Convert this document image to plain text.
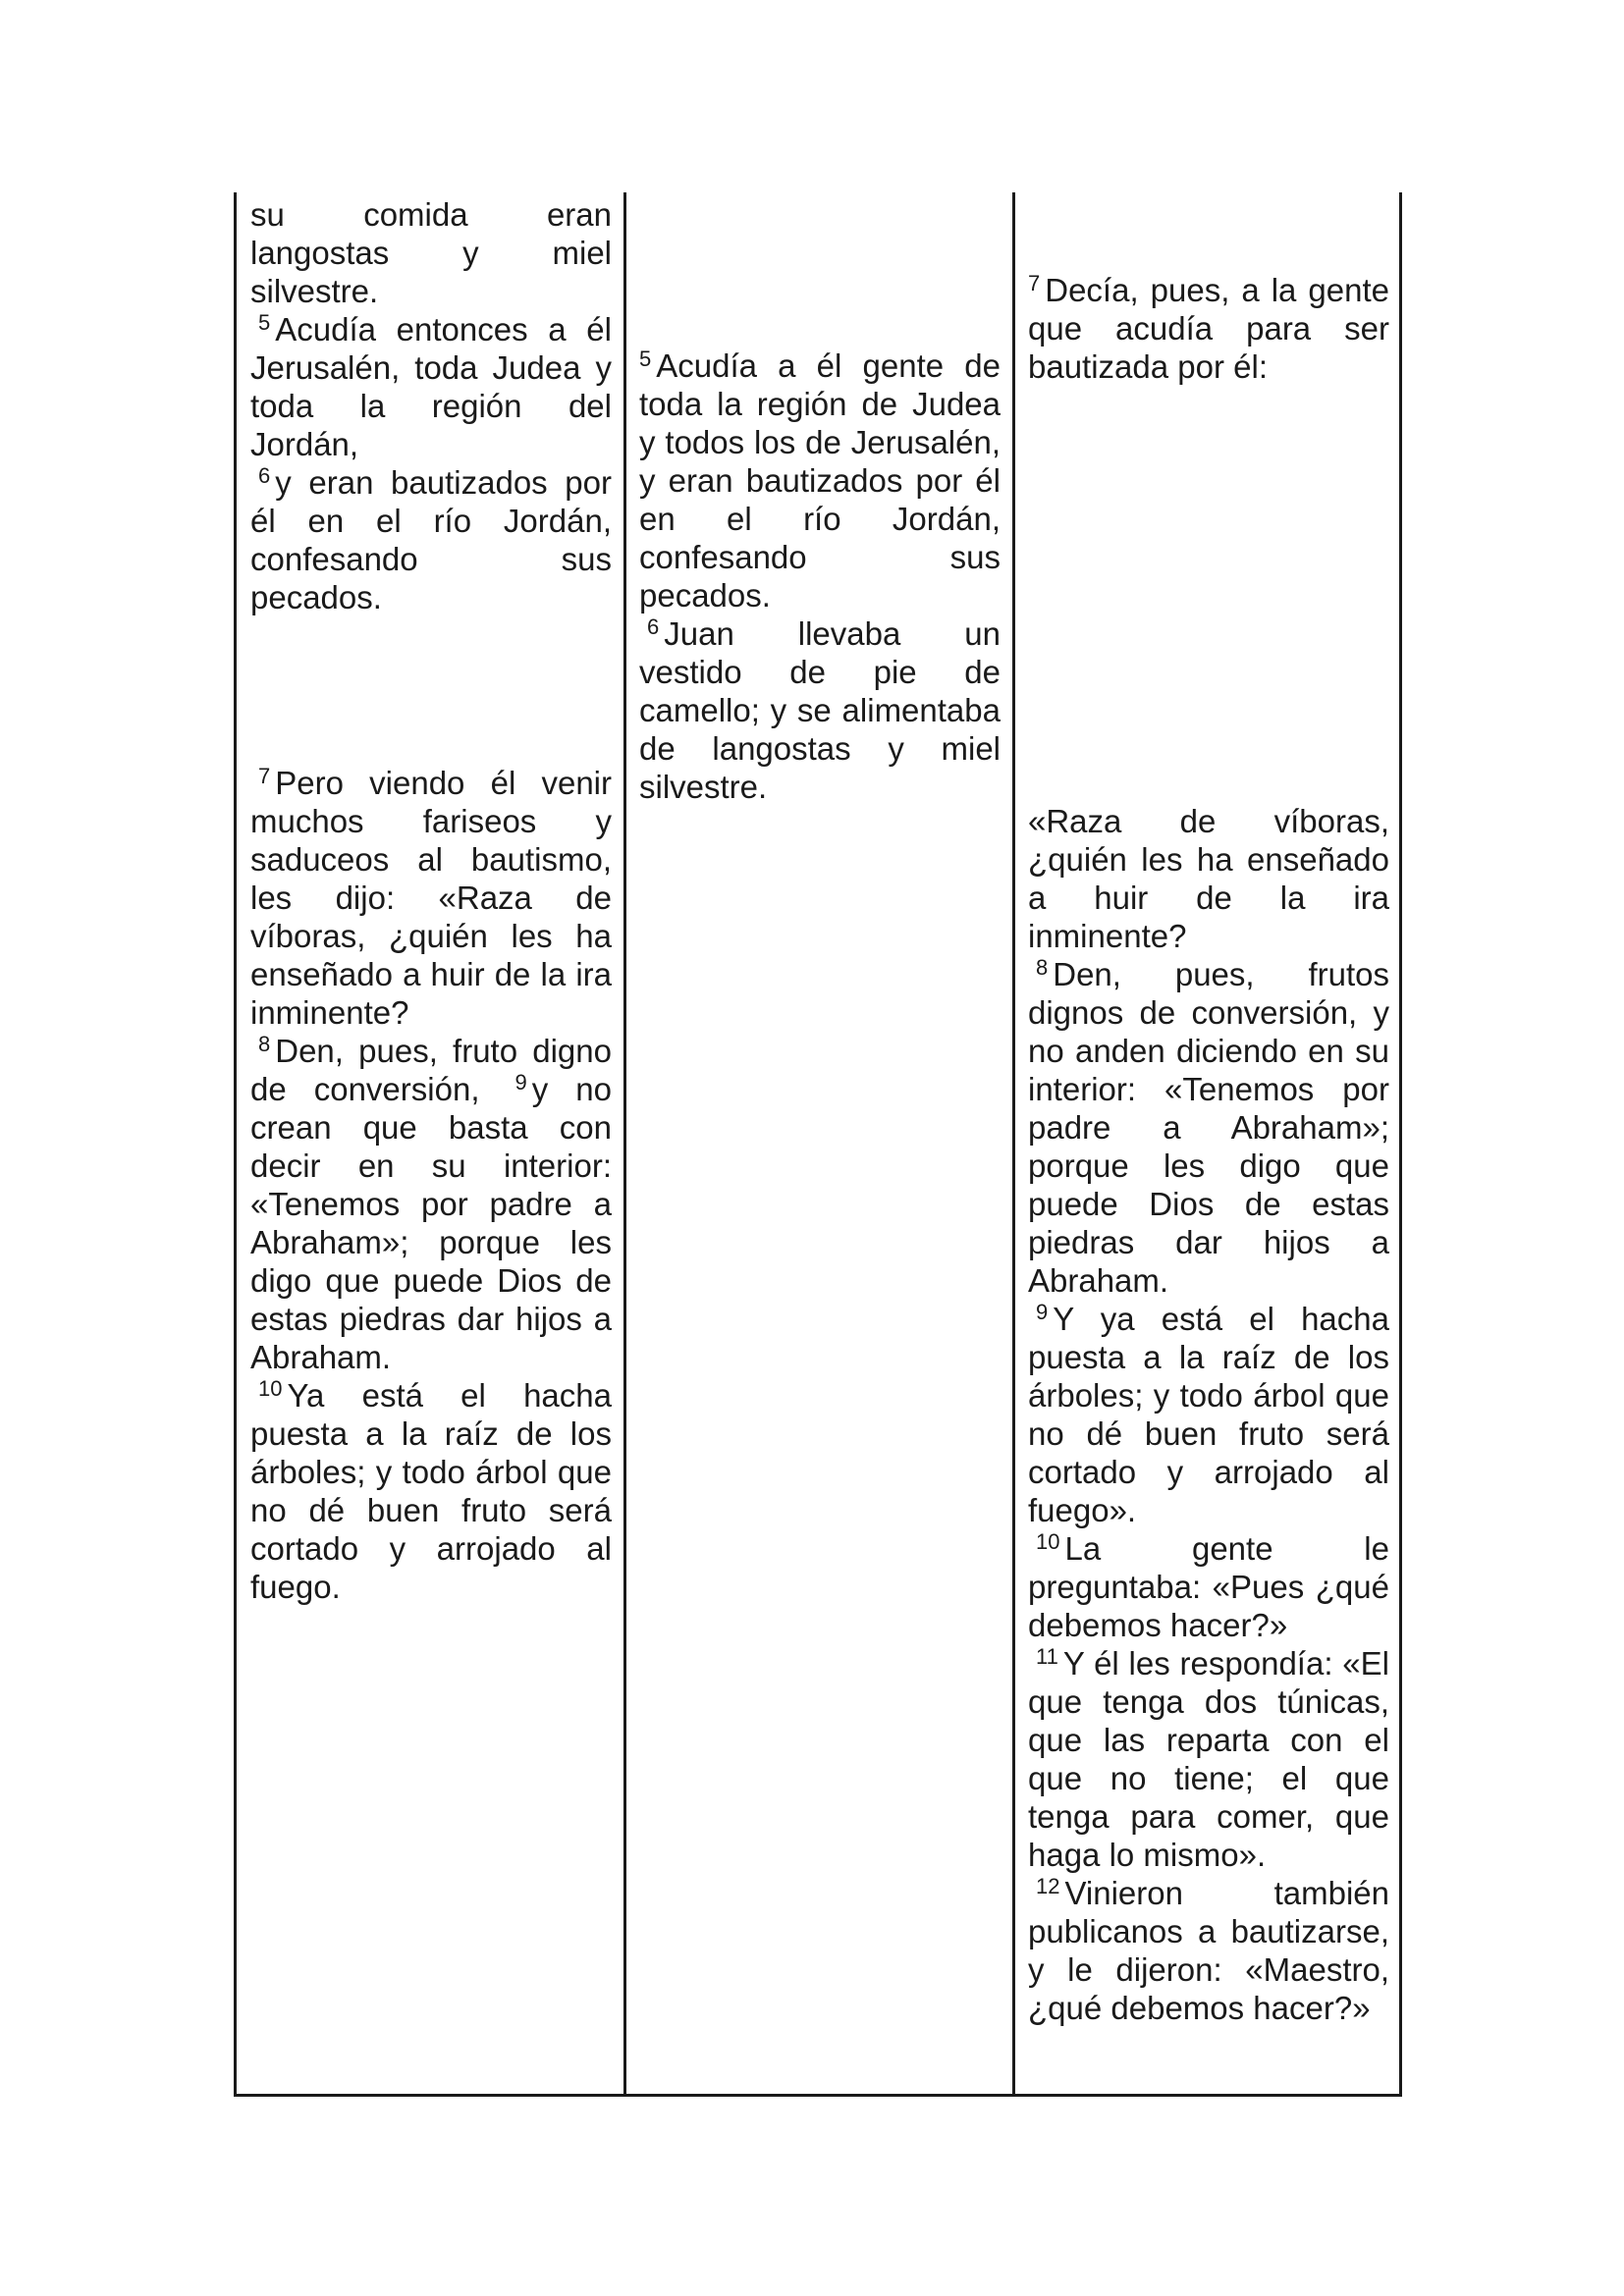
su comida eran langostas y miel silvestre.
$^5$ Acudía entonces a él Jerusalén, toda Judea y toda la región del Jordán,
$^6$ y eran bautizados por él en el río Jordán, confesando sus pecados.
$^7$ Pero viendo él venir muchos fariseos y saduceos al bautismo, les dijo: «Raza de víboras, ¿quién les ha enseñado a huir de la ira inminente?
$^8$ Den, pues, fruto digno de conversión, $^9$ y no crean que basta con decir en su interior: «Tenemos por padre a Abraham»; porque les digo que puede Dios de estas piedras dar hijos a Abraham.
$^{10}$ Ya está el hacha puesta a la raíz de los árboles; y todo árbol que no dé buen fruto será cortado y arrojado al fuego.
$^5$ Acudía a él gente de toda la región de Judea y todos los de Jerusalén, y eran bautizados por él en el río Jordán, confesando sus pecados.
$^6$ Juan llevaba un vestido de pie de camello; y se alimentaba de langostas y miel silvestre.
$^7$ Decía, pues, a la gente que acudía para ser bautizada por él:
«Raza de víboras, ¿quién les ha enseñado a huir de la ira inminente?
$^8$ Den, pues, frutos dignos de conversión, y no anden diciendo en su interior: «Tenemos por padre a Abraham»; porque les digo que puede Dios de estas piedras dar hijos a Abraham.
$^9$ Y ya está el hacha puesta a la raíz de los árboles; y todo árbol que no dé buen fruto será cortado y arrojado al fuego».
$^{10}$ La gente le preguntaba: «Pues ¿qué debemos hacer?»
$^{11}$ Y él les respondía: «El que tenga dos túnicas, que las reparta con el que no tiene; el que tenga para comer, que haga lo mismo».
$^{12}$ Vinieron también publicanos a bautizarse, y le dijeron: «Maestro, ¿qué debemos hacer?»
